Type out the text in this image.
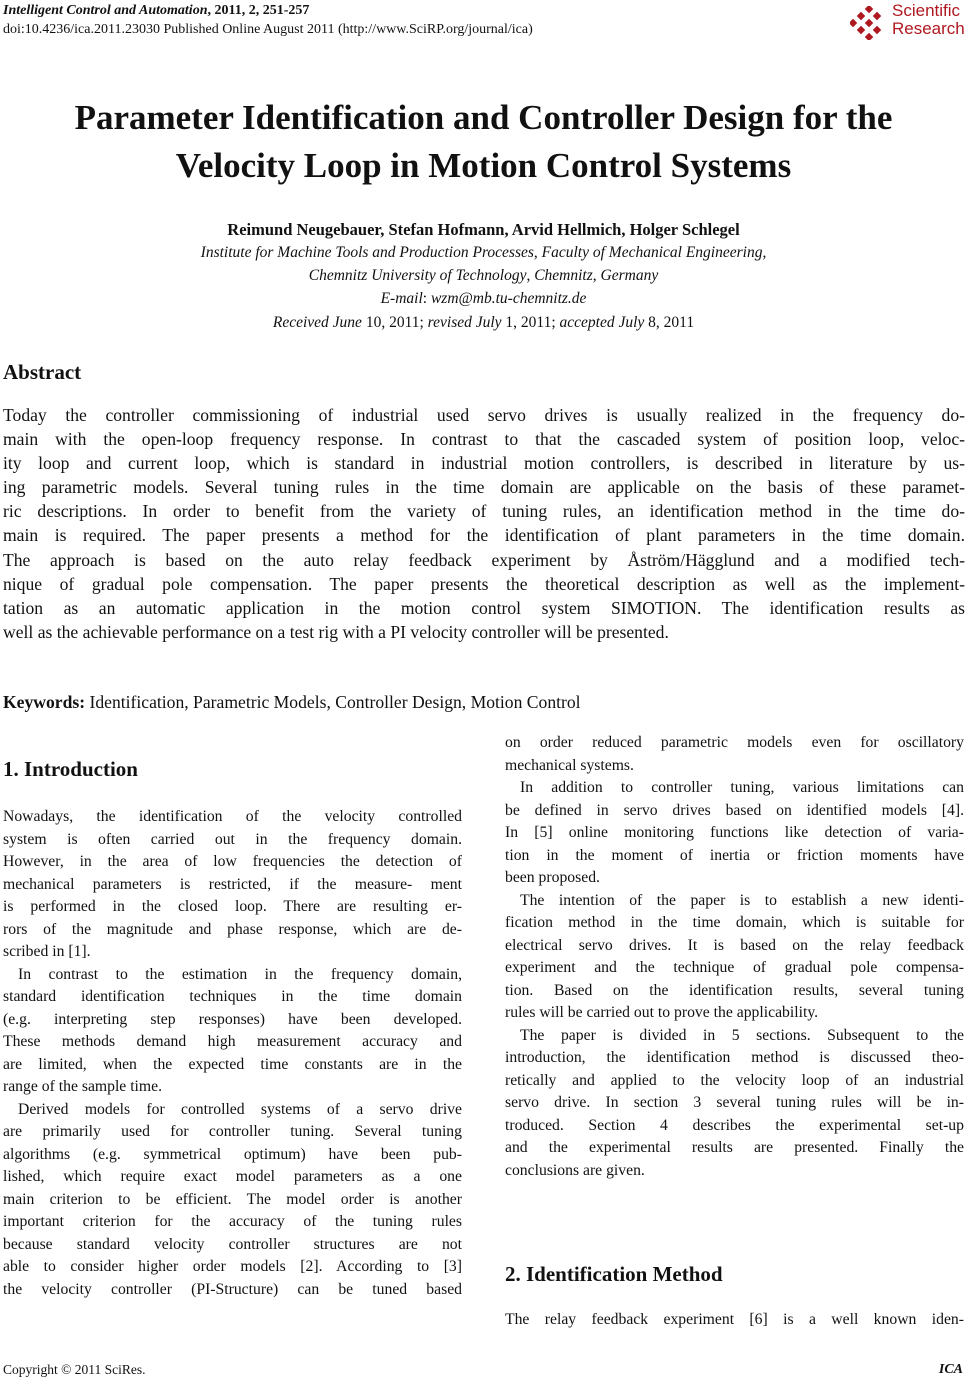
Intelligent Control and Automation, 2011, 2, 251-257
doi:10.4236/ica.2011.23030 Published Online August 2011 (http://www.SciRP.org/journal/ica)
Scientific
Research
Parameter Identification and Controller Design for the
Velocity Loop in Motion Control Systems
Reimund Neugebauer, Stefan Hofmann, Arvid Hellmich, Holger Schlegel
Institute for Machine Tools and Production Processes, Faculty of Mechanical Engineering,
Chemnitz University of Technology, Chemnitz, Germany
E-mail: wzm@mb.tu-chemnitz.de
Received June 10, 2011; revised July 1, 2011; accepted July 8, 2011
Abstract
Today the controller commissioning of industrial used servo drives is usually realized in the frequency do-
main with the open-loop frequency response. In contrast to that the cascaded system of position loop, veloc-
ity loop and current loop, which is standard in industrial motion controllers, is described in literature by us-
ing parametric models. Several tuning rules in the time domain are applicable on the basis of these paramet-
ric descriptions. In order to benefit from the variety of tuning rules, an identification method in the time do-
main is required. The paper presents a method for the identification of plant parameters in the time domain.
The approach is based on the auto relay feedback experiment by Åström/Hägglund and a modified tech-
nique of gradual pole compensation. The paper presents the theoretical description as well as the implement-
tation as an automatic application in the motion control system SIMOTION. The identification results as
well as the achievable performance on a test rig with a PI velocity controller will be presented.
Keywords: Identification, Parametric Models, Controller Design, Motion Control
1. Introduction

Nowadays, the identification of the velocity controlled

system is often carried out in the frequency domain.

However, in the area of low frequencies the detection of

mechanical parameters is restricted, if the measure- ment

is performed in the closed loop. There are resulting er-

rors of the magnitude and phase response, which are de-

scribed in [1].

In contrast to the estimation in the frequency domain,

standard identification techniques in the time domain

(e.g. interpreting step responses) have been developed.

These methods demand high measurement accuracy and

are limited, when the expected time constants are in the

range of the sample time.

Derived models for controlled systems of a servo drive

are primarily used for controller tuning. Several tuning

algorithms (e.g. symmetrical optimum) have been pub-

lished, which require exact model parameters as a one

main criterion to be efficient. The model order is another

important criterion for the accuracy of the tuning rules

because standard velocity controller structures are not

able to consider higher order models [2]. According to [3]

the velocity controller (PI-Structure) can be tuned based

on order reduced parametric models even for oscillatory

mechanical systems.

In addition to controller tuning, various limitations can

be defined in servo drives based on identified models [4].

In [5] online monitoring functions like detection of varia-

tion in the moment of inertia or friction moments have

been proposed.

The intention of the paper is to establish a new identi-

fication method in the time domain, which is suitable for

electrical servo drives. It is based on the relay feedback

experiment and the technique of gradual pole compensa-

tion. Based on the identification results, several tuning

rules will be carried out to prove the applicability.

The paper is divided in 5 sections. Subsequent to the

introduction, the identification method is discussed theo-

retically and applied to the velocity loop of an industrial

servo drive. In section 3 several tuning rules will be in-

troduced. Section 4 describes the experimental set-up

and the experimental results are presented. Finally the

conclusions are given.

2. Identification Method

The relay feedback experiment [6] is a well known iden-

Copyright © 2011 SciRes.	ICA
